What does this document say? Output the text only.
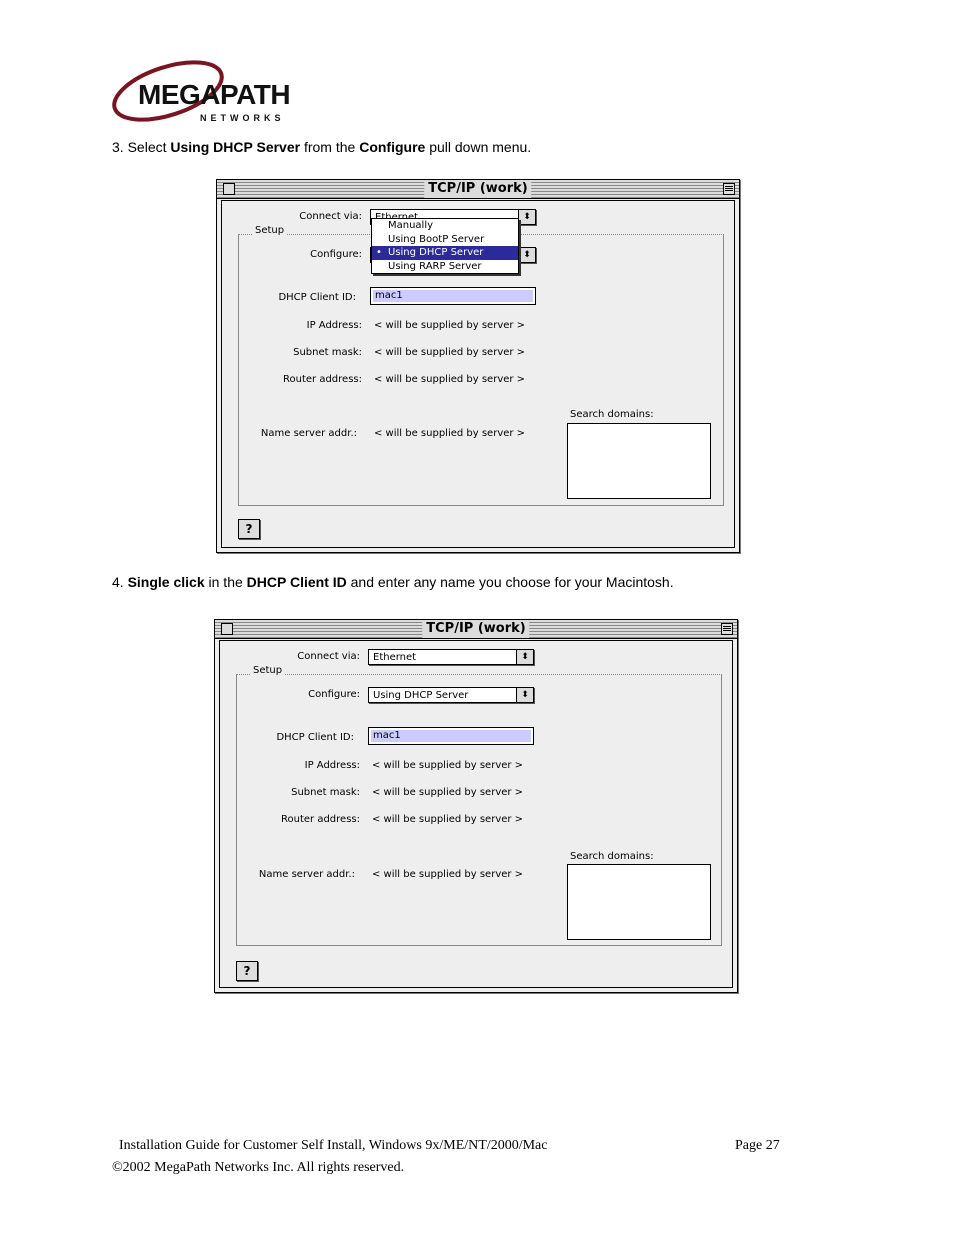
MEGAPATH
NETWORKS
3. Select Using DHCP Server from the Configure pull down menu.
TCP/IP (work)
Connect via:	⬍
Setup
Configure:	⬍
Manually
Using BootP Server
• Using DHCP Server
Using RARP Server
DHCP Client ID: mac1
IP Address: < will be supplied by server >
Subnet mask: < will be supplied by server >
Router address: < will be supplied by server >
Search domains:
Name server addr.: < will be supplied by server >
?
4. Single click in the DHCP Client ID and enter any name you choose for your Macintosh.
TCP/IP (work)
Connect via:	Ethernet	⬍
Setup
Configure:	Using DHCP Server	⬍
DHCP Client ID: mac1
IP Address: < will be supplied by server >
Subnet mask: < will be supplied by server >
Router address: < will be supplied by server >
Search domains:
Name server addr.: < will be supplied by server >
?
Installation Guide for Customer Self Install, Windows 9x/ME/NT/2000/Mac	Page 27
©2002 MegaPath Networks Inc. All rights reserved.
